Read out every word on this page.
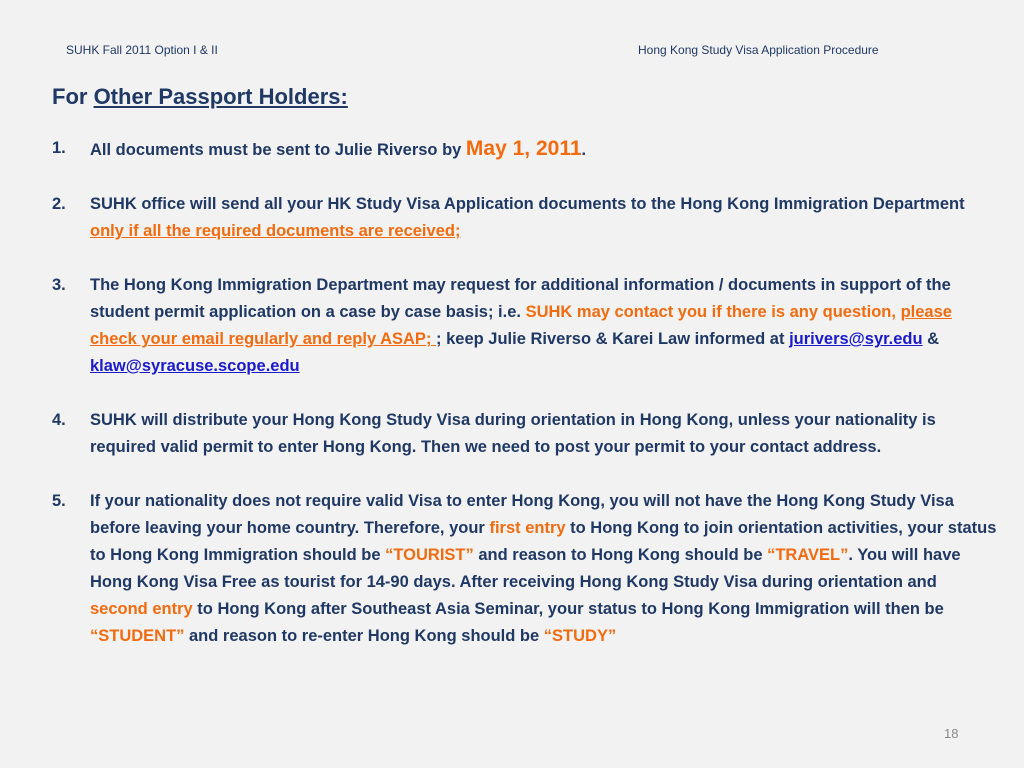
SUHK Fall 2011 Option I & II	Hong Kong Study Visa Application Procedure
For Other Passport Holders:
1. All documents must be sent to Julie Riverso by May 1, 2011.
2. SUHK office will send all your HK Study Visa Application documents to the Hong Kong Immigration Department only if all the required documents are received;
3. The Hong Kong Immigration Department may request for additional information / documents in support of the student permit application on a case by case basis; i.e. SUHK may contact you if there is any question, please check your email regularly and reply ASAP; ; keep Julie Riverso & Karei Law informed at jurivers@syr.edu & klaw@syracuse.scope.edu
4. SUHK will distribute your Hong Kong Study Visa during orientation in Hong Kong, unless your nationality is required valid permit to enter Hong Kong. Then we need to post your permit to your contact address.
5. If your nationality does not require valid Visa to enter Hong Kong, you will not have the Hong Kong Study Visa before leaving your home country. Therefore, your first entry to Hong Kong to join orientation activities, your status to Hong Kong Immigration should be “TOURIST” and reason to Hong Kong should be “TRAVEL”. You will have Hong Kong Visa Free as tourist for 14-90 days. After receiving Hong Kong Study Visa during orientation and second entry to Hong Kong after Southeast Asia Seminar, your status to Hong Kong Immigration will then be “STUDENT” and reason to re-enter Hong Kong should be “STUDY”
18
